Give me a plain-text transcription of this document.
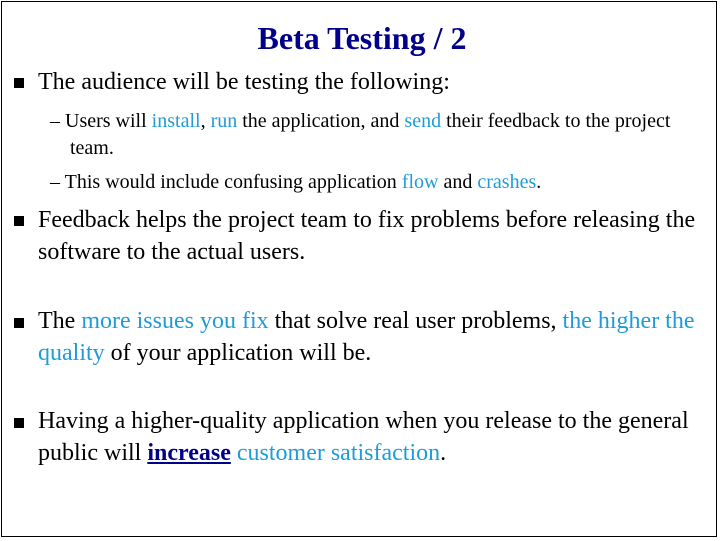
Beta Testing / 2
The audience will be testing the following:
– Users will install, run the application, and send their feedback to the project team.
– This would include confusing application flow and crashes.
Feedback helps the project team to fix problems before releasing the software to the actual users.
The more issues you fix that solve real user problems, the higher the quality of your application will be.
Having a higher-quality application when you release to the general public will increase customer satisfaction.
